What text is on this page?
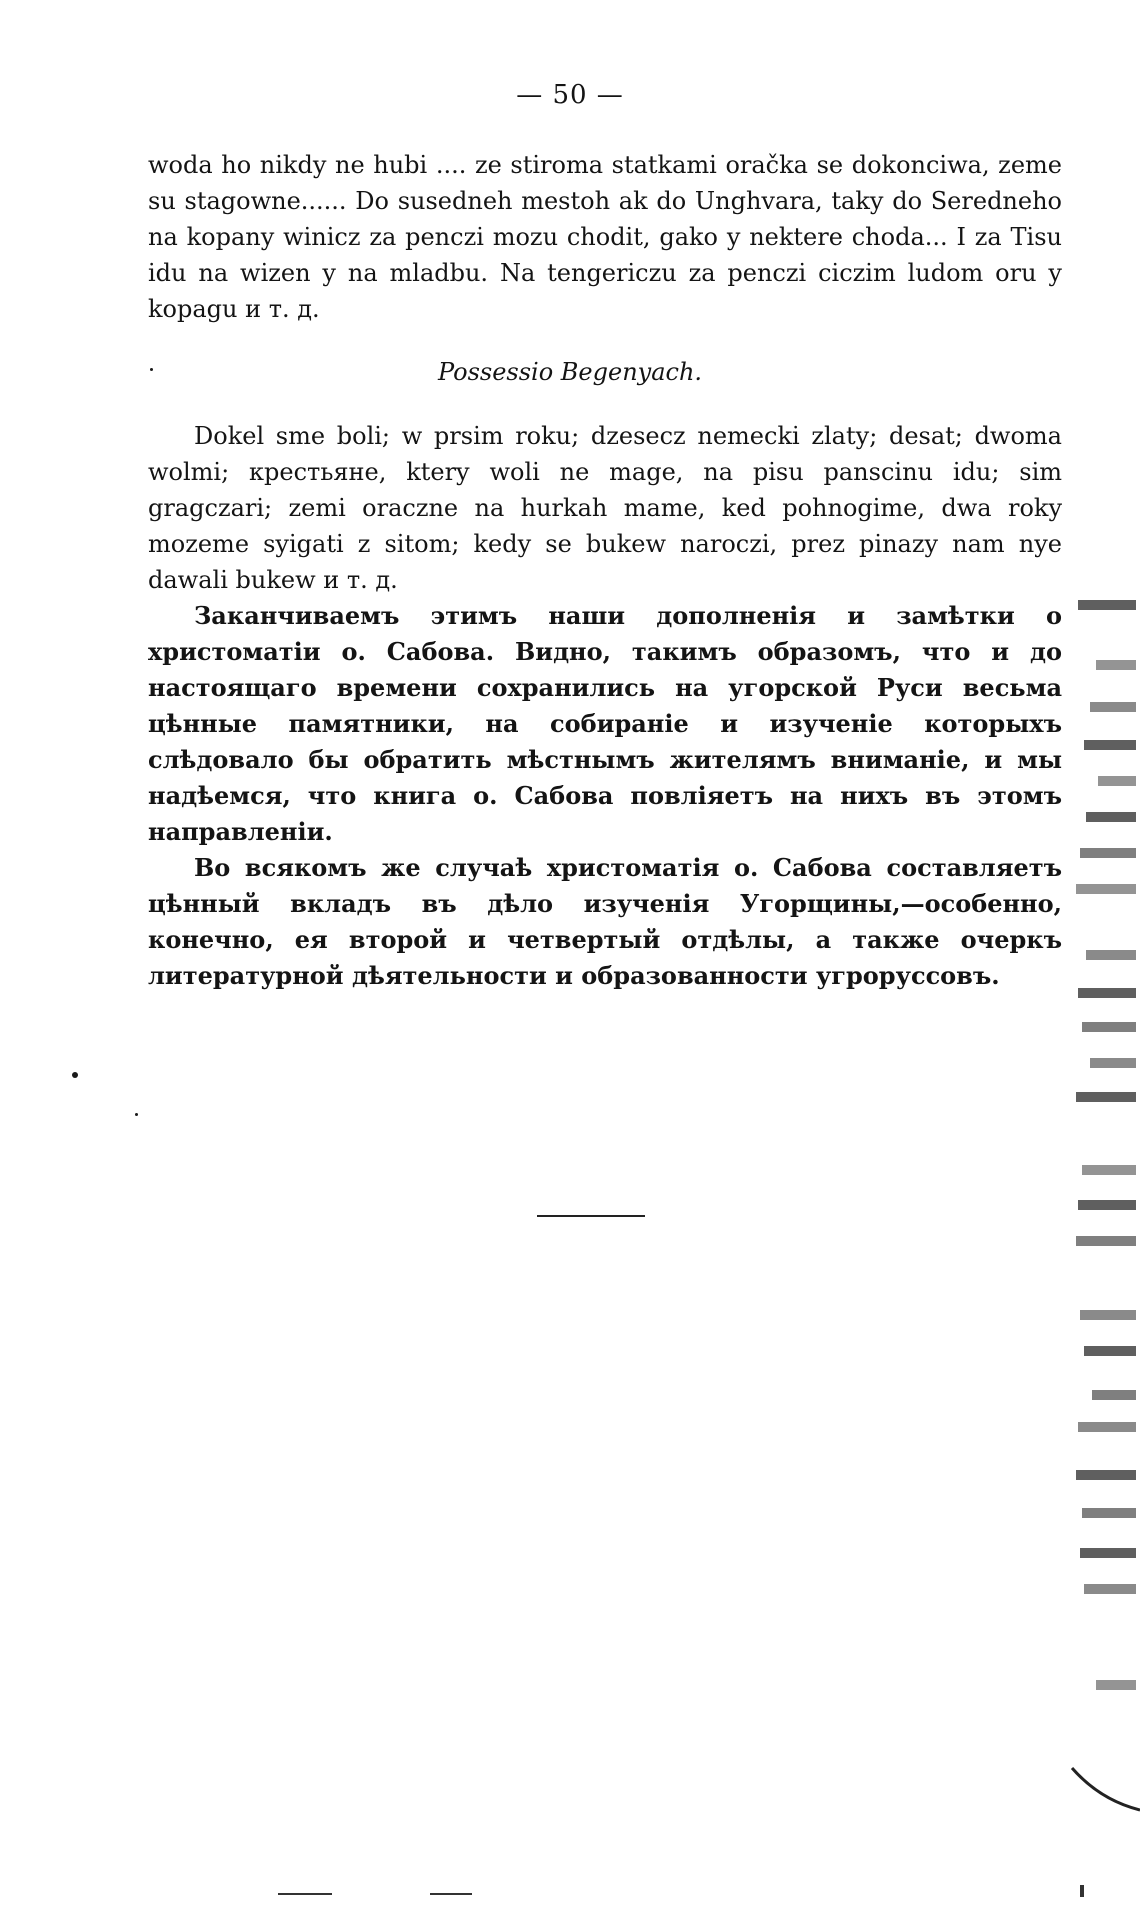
— 50 —

woda ho nikdy ne hubi .... ze stiroma statkami oračka se dokonciwa, zeme su stagowne...... Do susedneh mestoh ak do Unghvara, taky do Seredneho na kopany winicz za penczi mozu chodit, gako y nektere choda... I za Tisu idu na wizen y na mladbu. Na tengericzu za penczi ciczim ludom oru y kopagu и т. д.

Possessio Begenyach.

Dokel sme boli; w prsim roku; dzesecz nemecki zlaty; desat; dwoma wolmi; крестьяне, ktery woli ne mage, na pisu panscinu idu; sim gragczari; zemi oraczne na hurkah mame, ked pohnogime, dwa roky mozeme syigati z sitom; kedy se bukew naroczi, prez pinazy nam nye dawali bukew и т. д.

Заканчиваемъ этимъ наши дополненія и замѣтки о христоматіи о. Сабова. Видно, такимъ образомъ, что и до настоящаго времени сохранились на угорской Руси весьма цѣнные памятники, на собираніе и изученіе которыхъ слѣдовало бы обратить мѣстнымъ жителямъ вниманіе, и мы надѣемся, что книга о. Сабова повліяетъ на нихъ въ этомъ направленіи.

Во всякомъ же случаѣ христоматія о. Сабова составляетъ цѣнный вкладъ въ дѣло изученія Угорщины,—особенно, конечно, ея второй и четвертый отдѣлы, а также очеркъ литературной дѣятельности и образованности угроруссовъ.
